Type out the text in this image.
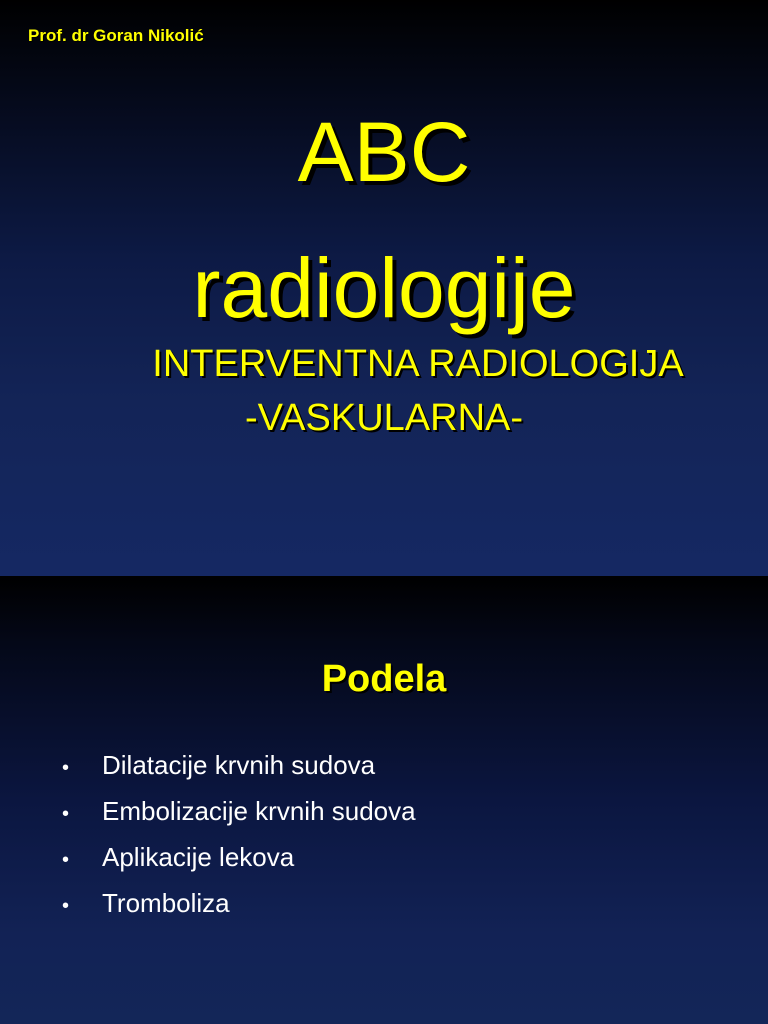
Prof. dr Goran Nikolić
ABC
radiologije
INTERVENTNA RADIOLOGIJA
-VASKULARNA-
Podela
•	Dilatacije krvnih sudova
•	Embolizacije krvnih sudova
•	Aplikacije lekova
•	Tromboliza
